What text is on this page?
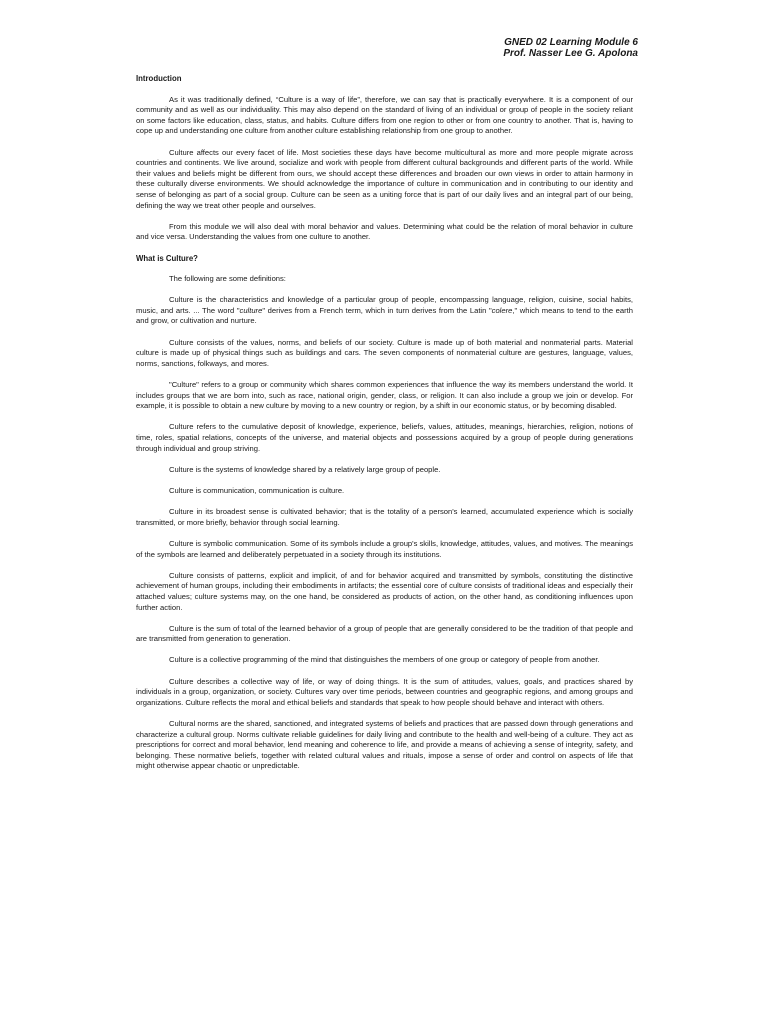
GNED 02 Learning Module 6
Prof. Nasser Lee G. Apolona
Introduction

As it was traditionally defined, “Culture is a way of life”, therefore, we can say that is practically everywhere. It is a component of our community and as well as our individuality. This may also depend on the standard of living of an individual or group of people in the society reliant on some factors like education, class, status, and habits. Culture differs from one region to other or from one country to another. That is, having to cope up and understanding one culture from another culture establishing relationship from one group to another.

Culture affects our every facet of life. Most societies these days have become multicultural as more and more people migrate across countries and continents. We live around, socialize and work with people from different cultural backgrounds and different parts of the world. While their values and beliefs might be different from ours, we should accept these differences and broaden our own views in order to attain harmony in these culturally diverse environments. We should acknowledge the importance of culture in communication and in contributing to our identity and sense of belonging as part of a social group. Culture can be seen as a uniting force that is part of our daily lives and an integral part of our being, defining the way we treat other people and ourselves.

From this module we will also deal with moral behavior and values. Determining what could be the relation of moral behavior in culture and vice versa. Understanding the values from one culture to another.

What is Culture?

The following are some definitions:

Culture is the characteristics and knowledge of a particular group of people, encompassing language, religion, cuisine, social habits, music, and arts. ... The word "culture" derives from a French term, which in turn derives from the Latin "colere," which means to tend to the earth and grow, or cultivation and nurture.

Culture consists of the values, norms, and beliefs of our society. Culture is made up of both material and nonmaterial parts. Material culture is made up of physical things such as buildings and cars. The seven components of nonmaterial culture are gestures, language, values, norms, sanctions, folkways, and mores.

"Culture" refers to a group or community which shares common experiences that influence the way its members understand the world. It includes groups that we are born into, such as race, national origin, gender, class, or religion. It can also include a group we join or develop. For example, it is possible to obtain a new culture by moving to a new country or region, by a shift in our economic status, or by becoming disabled.

Culture refers to the cumulative deposit of knowledge, experience, beliefs, values, attitudes, meanings, hierarchies, religion, notions of time, roles, spatial relations, concepts of the universe, and material objects and possessions acquired by a group of people during generations through individual and group striving.

Culture is the systems of knowledge shared by a relatively large group of people.

Culture is communication, communication is culture.

Culture in its broadest sense is cultivated behavior; that is the totality of a person's learned, accumulated experience which is socially transmitted, or more briefly, behavior through social learning.

Culture is symbolic communication. Some of its symbols include a group's skills, knowledge, attitudes, values, and motives. The meanings of the symbols are learned and deliberately perpetuated in a society through its institutions.

Culture consists of patterns, explicit and implicit, of and for behavior acquired and transmitted by symbols, constituting the distinctive achievement of human groups, including their embodiments in artifacts; the essential core of culture consists of traditional ideas and especially their attached values; culture systems may, on the one hand, be considered as products of action, on the other hand, as conditioning influences upon further action.

Culture is the sum of total of the learned behavior of a group of people that are generally considered to be the tradition of that people and are transmitted from generation to generation.

Culture is a collective programming of the mind that distinguishes the members of one group or category of people from another.

Culture describes a collective way of life, or way of doing things. It is the sum of attitudes, values, goals, and practices shared by individuals in a group, organization, or society. Cultures vary over time periods, between countries and geographic regions, and among groups and organizations. Culture reflects the moral and ethical beliefs and standards that speak to how people should behave and interact with others.

Cultural norms are the shared, sanctioned, and integrated systems of beliefs and practices that are passed down through generations and characterize a cultural group. Norms cultivate reliable guidelines for daily living and contribute to the health and well-being of a culture. They act as prescriptions for correct and moral behavior, lend meaning and coherence to life, and provide a means of achieving a sense of integrity, safety, and belonging. These normative beliefs, together with related cultural values and rituals, impose a sense of order and control on aspects of life that might otherwise appear chaotic or unpredictable.
